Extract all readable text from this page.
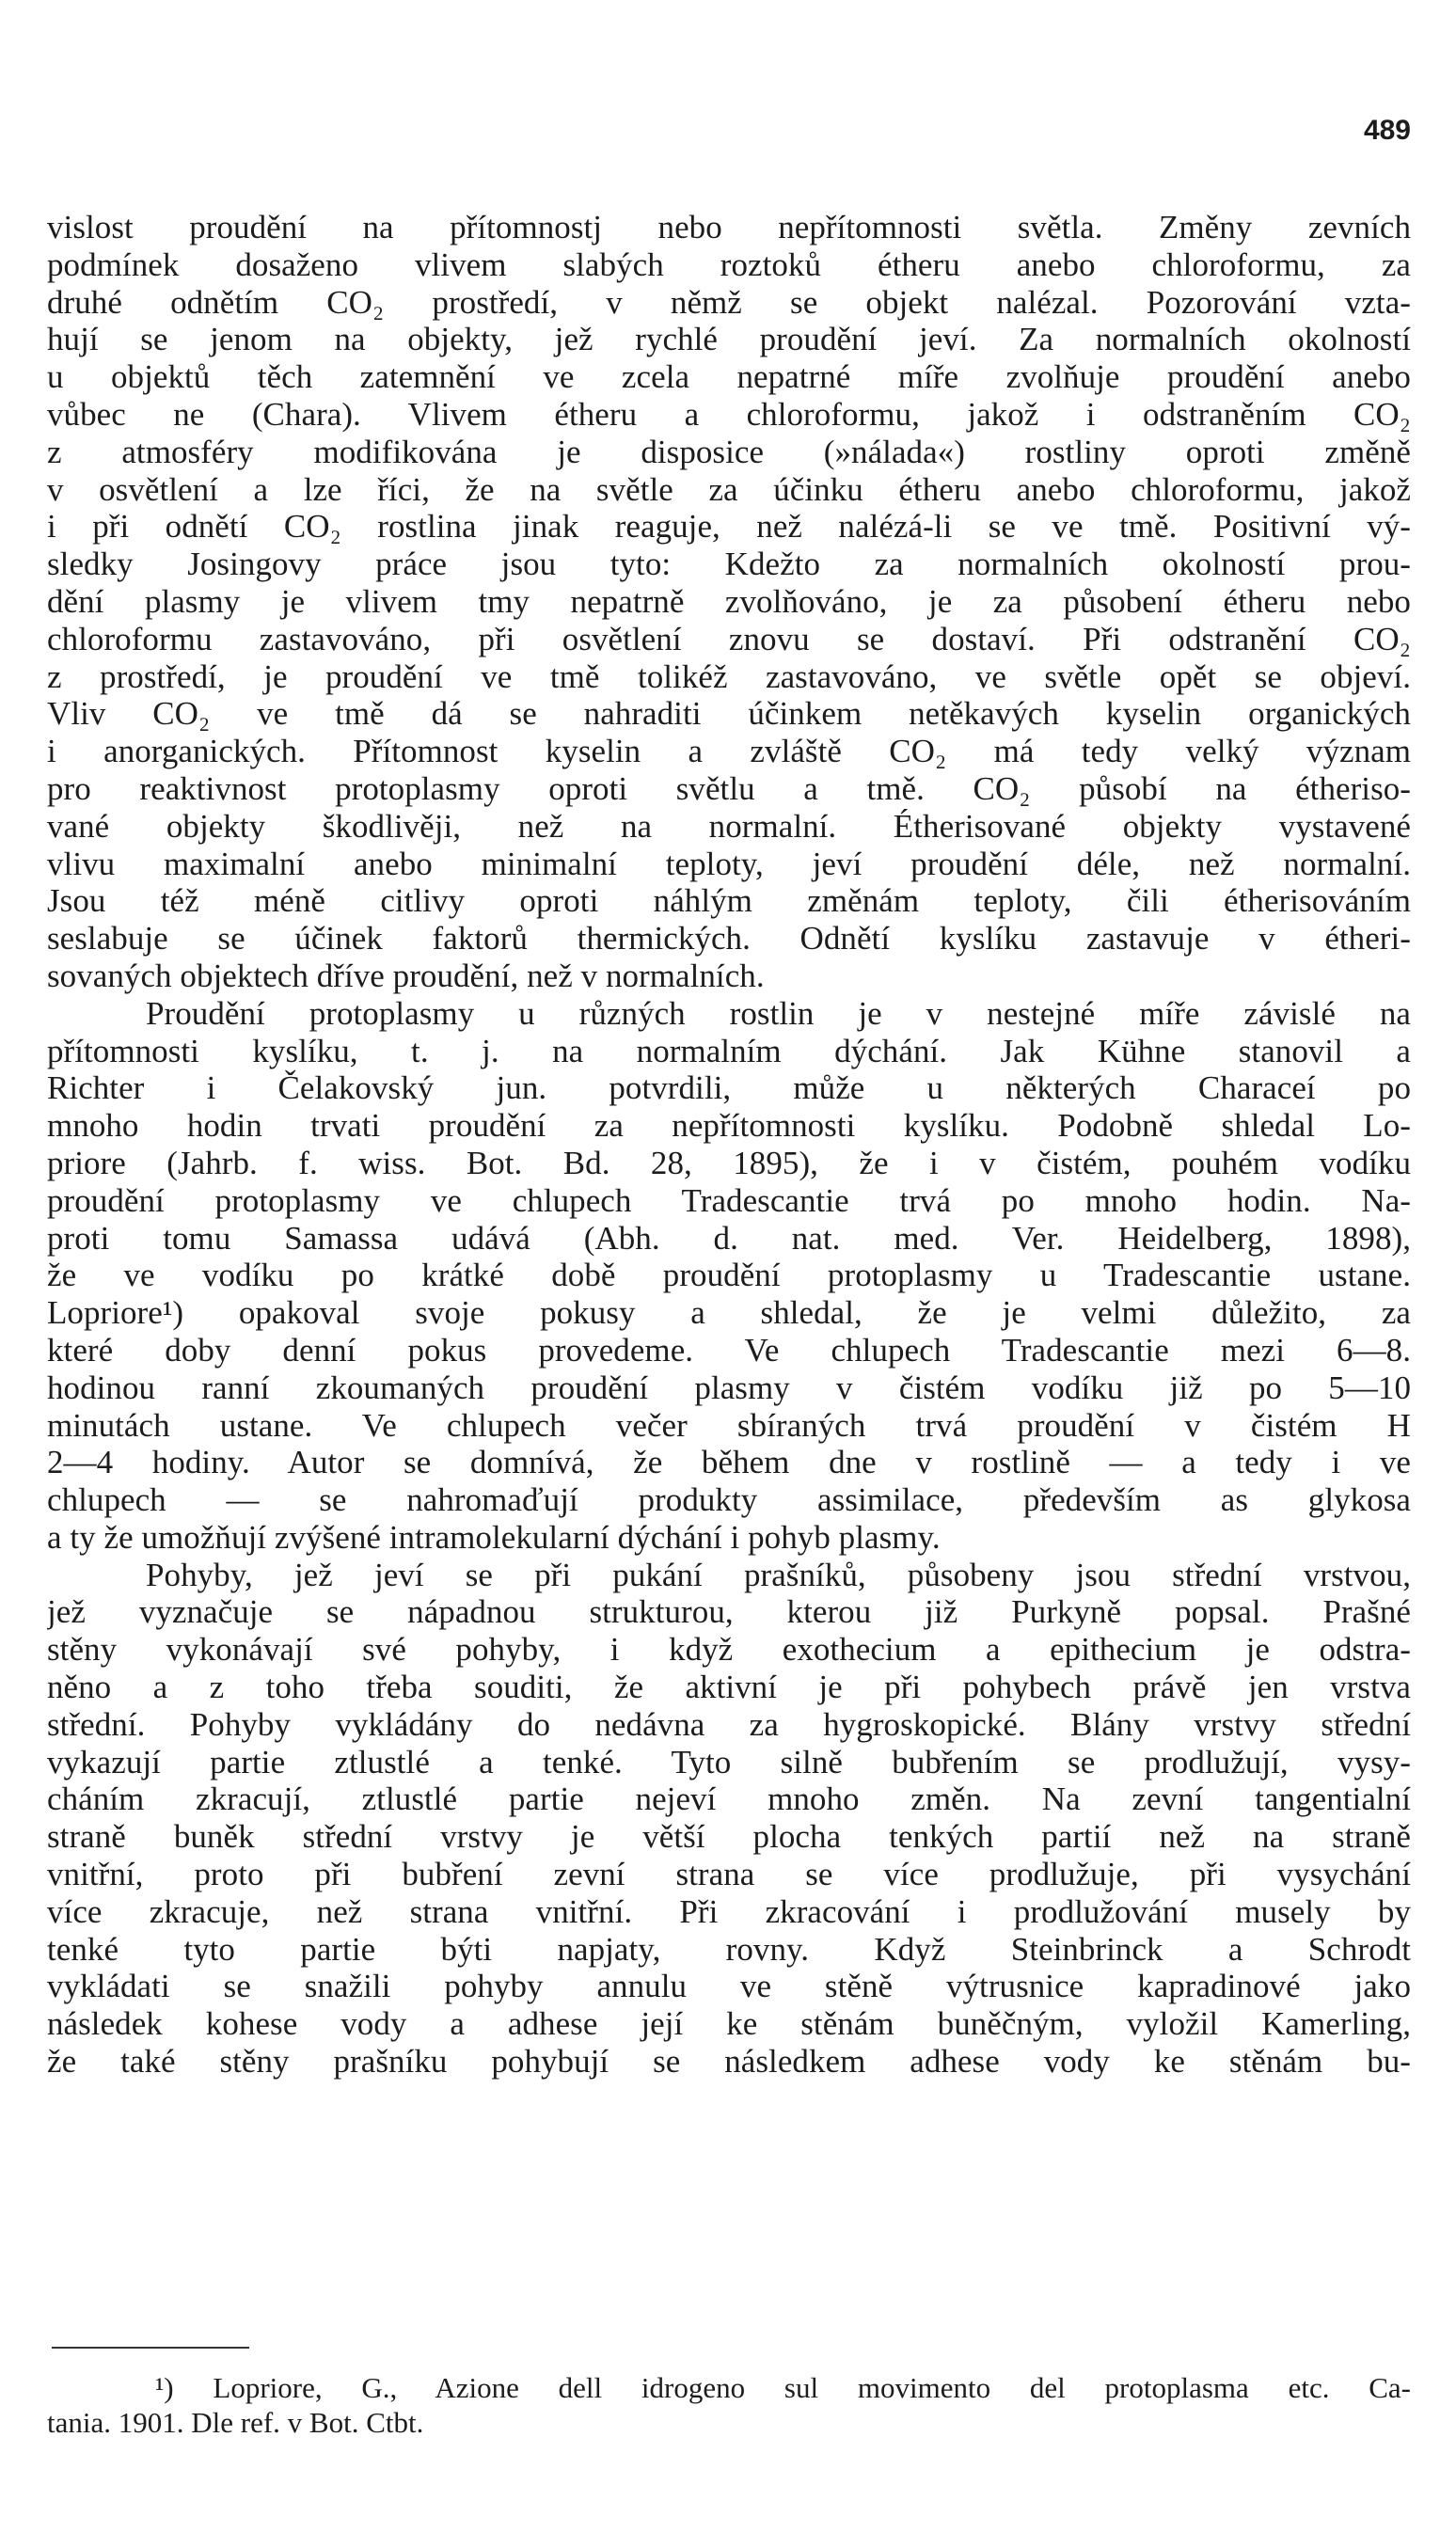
489
vislost proudění na přítomnostj nebo nepřítomnosti světla. Změny zevních
podmínek dosaženo vlivem slabých roztoků étheru anebo chloroformu, za
druhé odnětím CO₂ prostředí, v němž se objekt nalézal. Pozorování vzta-
hují se jenom na objekty, jež rychlé proudění jeví. Za normalních okolností
u objektů těch zatemnění ve zcela nepatrné míře zvolňuje proudění anebo
vůbec ne (Chara). Vlivem étheru a chloroformu, jakož i odstraněním CO₂
z atmosféry modifikována je disposice (»nálada«) rostliny oproti změně
v osvětlení a lze říci, že na světle za účinku étheru anebo chloroformu, jakož
i při odnětí CO₂ rostlina jinak reaguje, než nalézá-li se ve tmě. Positivní vý-
sledky Josingovy práce jsou tyto: Kdežto za normalních okolností prou-
dění plasmy je vlivem tmy nepatrně zvolňováno, je za působení étheru nebo
chloroformu zastavováno, při osvětlení znovu se dostaví. Při odstranění CO₂
z prostředí, je proudění ve tmě tolikéž zastavováno, ve světle opět se objeví.
Vliv CO₂ ve tmě dá se nahraditi účinkem netěkavých kyselin organických
i anorganických. Přítomnost kyselin a zvláště CO₂ má tedy velký význam
pro reaktivnost protoplasmy oproti světlu a tmě. CO₂ působí na étheriso-
vané objekty škodlivěji, než na normalní. Étherisované objekty vystavené
vlivu maximalní anebo minimalní teploty, jeví proudění déle, než normalní.
Jsou též méně citlivy oproti náhlým změnám teploty, čili étherisováním
seslabuje se účinek faktorů thermických. Odnětí kyslíku zastavuje v étheri-
sovaných objektech dříve proudění, než v normalních.
Proudění protoplasmy u různých rostlin je v nestejné míře závislé na
přítomnosti kyslíku, t. j. na normalním dýchání. Jak Kühne stanovil a
Richter i Čelakovský jun. potvrdili, může u některých Characeí po
mnoho hodin trvati proudění za nepřítomnosti kyslíku. Podobně shledal Lo-
priore (Jahrb. f. wiss. Bot. Bd. 28, 1895), že i v čistém, pouhém vodíku
proudění protoplasmy ve chlupech Tradescantie trvá po mnoho hodin. Na-
proti tomu Samassa udává (Abh. d. nat. med. Ver. Heidelberg, 1898),
že ve vodíku po krátké době proudění protoplasmy u Tradescantie ustane.
Lopriore¹) opakoval svoje pokusy a shledal, že je velmi důležito, za
které doby denní pokus provedeme. Ve chlupech Tradescantie mezi 6—8.
hodinou ranní zkoumaných proudění plasmy v čistém vodíku již po 5—10
minutách ustane. Ve chlupech večer sbíraných trvá proudění v čistém H
2—4 hodiny. Autor se domnívá, že během dne v rostlině — a tedy i ve
chlupech — se nahromaďují produkty assimilace, především as glykosa
a ty že umožňují zvýšené intramolekularní dýchání i pohyb plasmy.
Pohyby, jež jeví se při pukání prašníků, působeny jsou střední vrstvou,
jež vyznačuje se nápadnou strukturou, kterou již Purkyně popsal. Prašné
stěny vykonávají své pohyby, i když exothecium a epithecium je odstra-
něno a z toho třeba souditi, že aktivní je při pohybech právě jen vrstva
střední. Pohyby vykládány do nedávna za hygroskopické. Blány vrstvy střední
vykazují partie ztlustlé a tenké. Tyto silně bubřením se prodlužují, vysy-
cháním zkracují, ztlustlé partie nejeví mnoho změn. Na zevní tangentialní
straně buněk střední vrstvy je větší plocha tenkých partií než na straně
vnitřní, proto při bubření zevní strana se více prodlužuje, při vysychání
více zkracuje, než strana vnitřní. Při zkracování i prodlužování musely by
tenké tyto partie býti napjaty, rovny. Když Steinbrinck a Schrodt
vykládati se snažili pohyby annulu ve stěně výtrusnice kapradinové jako
následek kohese vody a adhese její ke stěnám buněčným, vyložil Kamerling,
že také stěny prašníku pohybují se následkem adhese vody ke stěnám bu-
¹) Lopriore, G., Azione dell idrogeno sul movimento del protoplasma etc. Ca-
tania. 1901. Dle ref. v Bot. Ctbt.
